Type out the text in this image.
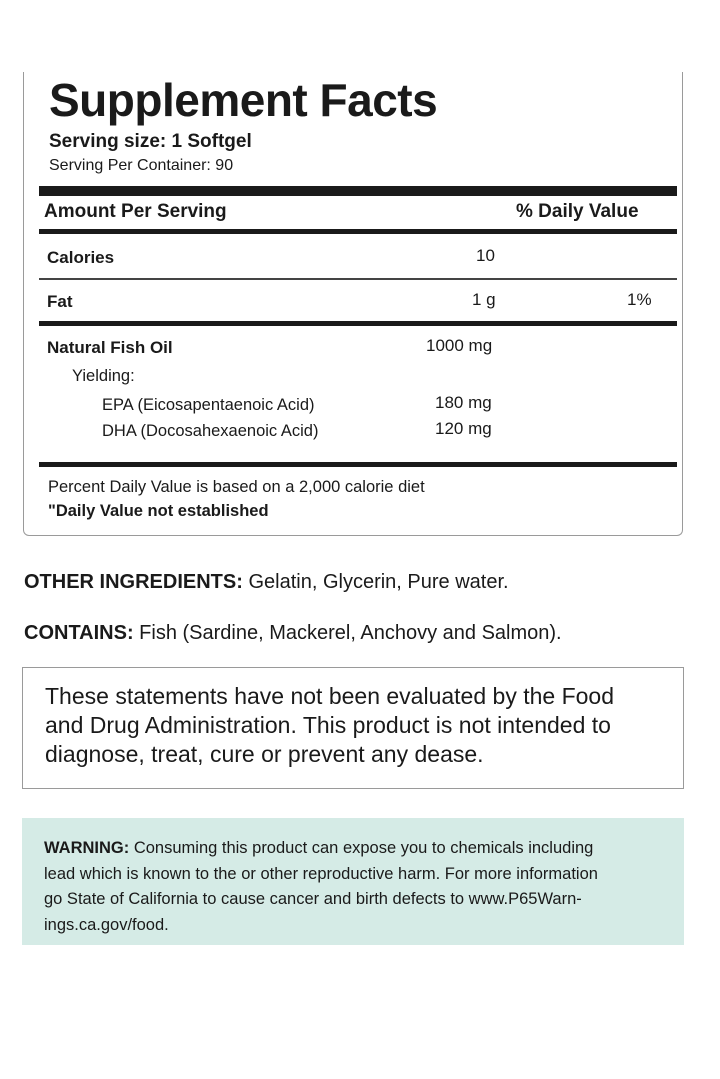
Supplement Facts
Serving size: 1 Softgel
Serving Per Container: 90
Amount Per Serving	% Daily Value
Calories	10
Fat	1 g	1%
Natural Fish Oil	1000 mg
Yielding:
EPA (Eicosapentaenoic Acid)	180 mg
DHA (Docosahexaenoic Acid)	120 mg
Percent Daily Value is based on a 2,000 calorie diet
"Daily Value not established
OTHER INGREDIENTS: Gelatin, Glycerin, Pure water.
CONTAINS: Fish (Sardine, Mackerel, Anchovy and Salmon).
These statements have not been evaluated by the Food
and Drug Administration. This product is not intended to
diagnose, treat, cure or prevent any dease.
WARNING: Consuming this product can expose you to chemicals including
lead which is known to the or other reproductive harm. For more information
go State of California to cause cancer and birth defects to www.P65Warn-
ings.ca.gov/food.
